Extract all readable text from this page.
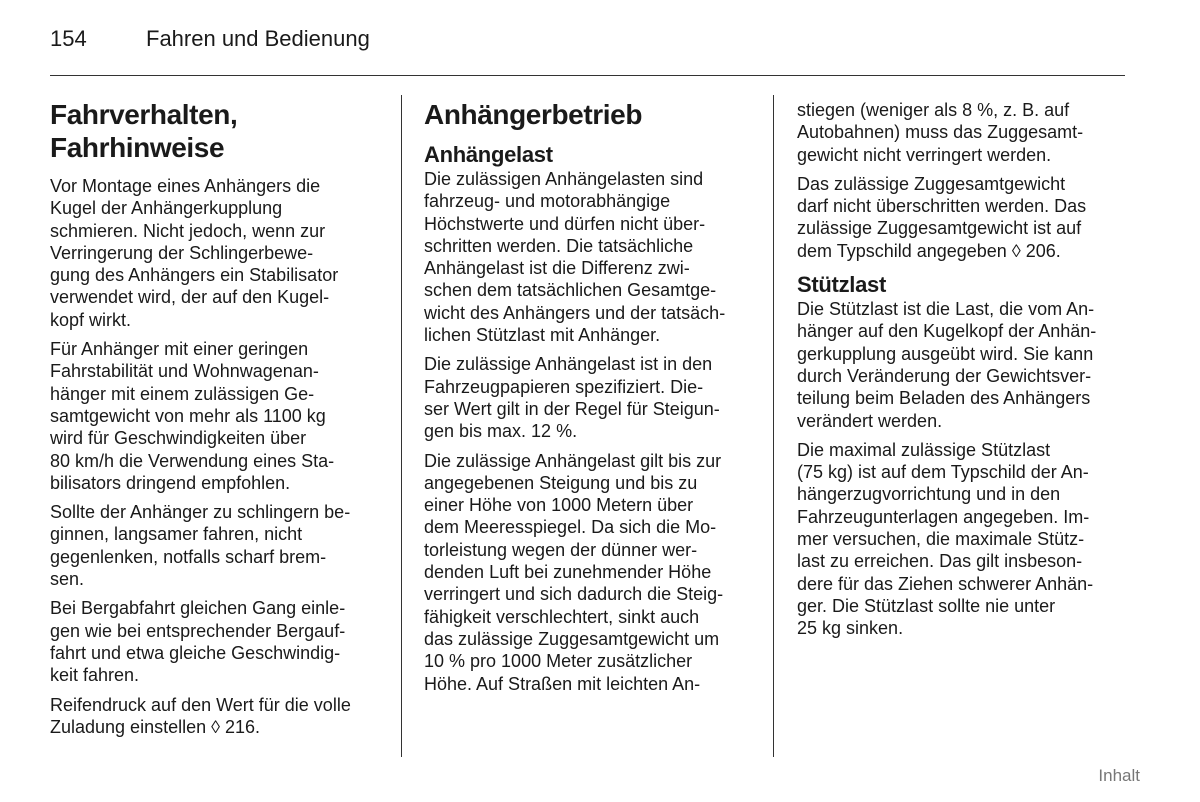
154	Fahren und Bedienung
Fahrverhalten,
Fahrhinweise

Vor Montage eines Anhängers die
Kugel der Anhängerkupplung
schmieren. Nicht jedoch, wenn zur
Verringerung der Schlingerbewe-
gung des Anhängers ein Stabilisator
verwendet wird, der auf den Kugel-
kopf wirkt.

Für Anhänger mit einer geringen
Fahrstabilität und Wohnwagenan-
hänger mit einem zulässigen Ge-
samtgewicht von mehr als 1100 kg
wird für Geschwindigkeiten über
80 km/h die Verwendung eines Sta-
bilisators dringend empfohlen.

Sollte der Anhänger zu schlingern be-
ginnen, langsamer fahren, nicht
gegenlenken, notfalls scharf brem-
sen.

Bei Bergabfahrt gleichen Gang einle-
gen wie bei entsprechender Bergauf-
fahrt und etwa gleiche Geschwindig-
keit fahren.

Reifendruck auf den Wert für die volle
Zuladung einstellen ◊ 216.

Anhängerbetrieb
Anhängelast

Die zulässigen Anhängelasten sind
fahrzeug- und motorabhängige
Höchstwerte und dürfen nicht über-
schritten werden. Die tatsächliche
Anhängelast ist die Differenz zwi-
schen dem tatsächlichen Gesamtge-
wicht des Anhängers und der tatsäch-
lichen Stützlast mit Anhänger.

Die zulässige Anhängelast ist in den
Fahrzeugpapieren spezifiziert. Die-
ser Wert gilt in der Regel für Steigun-
gen bis max. 12 %.

Die zulässige Anhängelast gilt bis zur
angegebenen Steigung und bis zu
einer Höhe von 1000 Metern über
dem Meeresspiegel. Da sich die Mo-
torleistung wegen der dünner wer-
denden Luft bei zunehmender Höhe
verringert und sich dadurch die Steig-
fähigkeit verschlechtert, sinkt auch
das zulässige Zuggesamtgewicht um
10 % pro 1000 Meter zusätzlicher
Höhe. Auf Straßen mit leichten An-

stiegen (weniger als 8 %, z. B. auf
Autobahnen) muss das Zuggesamt-
gewicht nicht verringert werden.

Das zulässige Zuggesamtgewicht
darf nicht überschritten werden. Das
zulässige Zuggesamtgewicht ist auf
dem Typschild angegeben ◊ 206.

Stützlast

Die Stützlast ist die Last, die vom An-
hänger auf den Kugelkopf der Anhän-
gerkupplung ausgeübt wird. Sie kann
durch Veränderung der Gewichtsver-
teilung beim Beladen des Anhängers
verändert werden.

Die maximal zulässige Stützlast
(75 kg) ist auf dem Typschild der An-
hängerzugvorrichtung und in den
Fahrzeugunterlagen angegeben. Im-
mer versuchen, die maximale Stütz-
last zu erreichen. Das gilt insbeson-
dere für das Ziehen schwerer Anhän-
ger. Die Stützlast sollte nie unter
25 kg sinken.

Inhalt
